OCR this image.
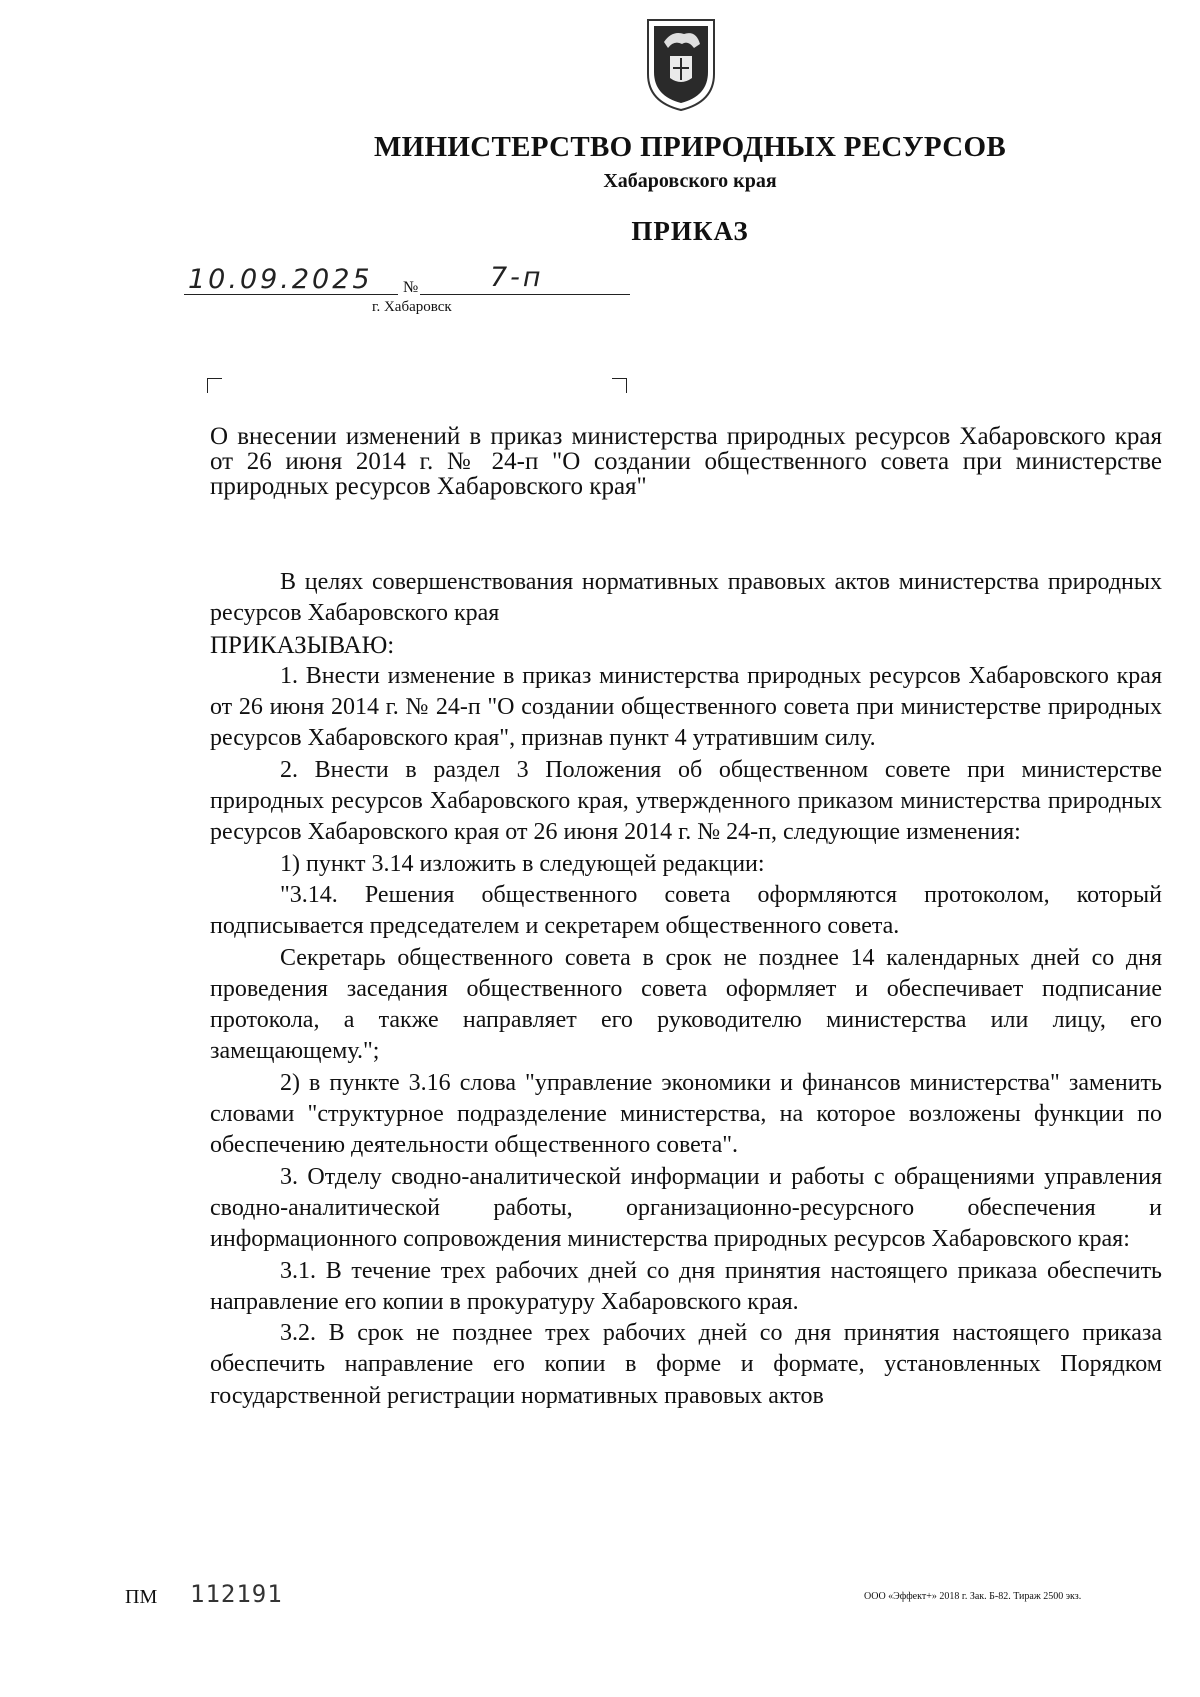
МИНИСТЕРСТВО ПРИРОДНЫХ РЕСУРСОВ
Хабаровского края
ПРИКАЗ
10.09.2025 №	7-п
г. Хабаровск
О внесении изменений в приказ министерства природных ресурсов Хабаровского края от 26 июня 2014 г. № 24-п "О создании общественного совета при министерстве природных ресурсов Хабаровского края"

В целях совершенствования нормативных правовых актов министерства природных ресурсов Хабаровского края

ПРИКАЗЫВАЮ:

1. Внести изменение в приказ министерства природных ресурсов Хабаровского края от 26 июня 2014 г. № 24-п "О создании общественного совета при министерстве природных ресурсов Хабаровского края", признав пункт 4 утратившим силу.

2. Внести в раздел 3 Положения об общественном совете при министерстве природных ресурсов Хабаровского края, утвержденного приказом министерства природных ресурсов Хабаровского края от 26 июня 2014 г. № 24-п, следующие изменения:

1) пункт 3.14 изложить в следующей редакции:

"3.14. Решения общественного совета оформляются протоколом, который подписывается председателем и секретарем общественного совета.

Секретарь общественного совета в срок не позднее 14 календарных дней со дня проведения заседания общественного совета оформляет и обеспечивает подписание протокола, а также направляет его руководителю министерства или лицу, его замещающему.";

2) в пункте 3.16 слова "управление экономики и финансов министерства" заменить словами "структурное подразделение министерства, на которое возложены функции по обеспечению деятельности общественного совета".

3. Отделу сводно-аналитической информации и работы с обращениями управления сводно-аналитической работы, организационно-ресурсного обеспечения и информационного сопровождения министерства природных ресурсов Хабаровского края:

3.1. В течение трех рабочих дней со дня принятия настоящего приказа обеспечить направление его копии в прокуратуру Хабаровского края.

3.2. В срок не позднее трех рабочих дней со дня принятия настоящего приказа обеспечить направление его копии в форме и формате, установленных Порядком государственной регистрации нормативных правовых актов

ПМ 112191	ООО «Эффект+» 2018 г. Зак. Б-82. Тираж 2500 экз.
